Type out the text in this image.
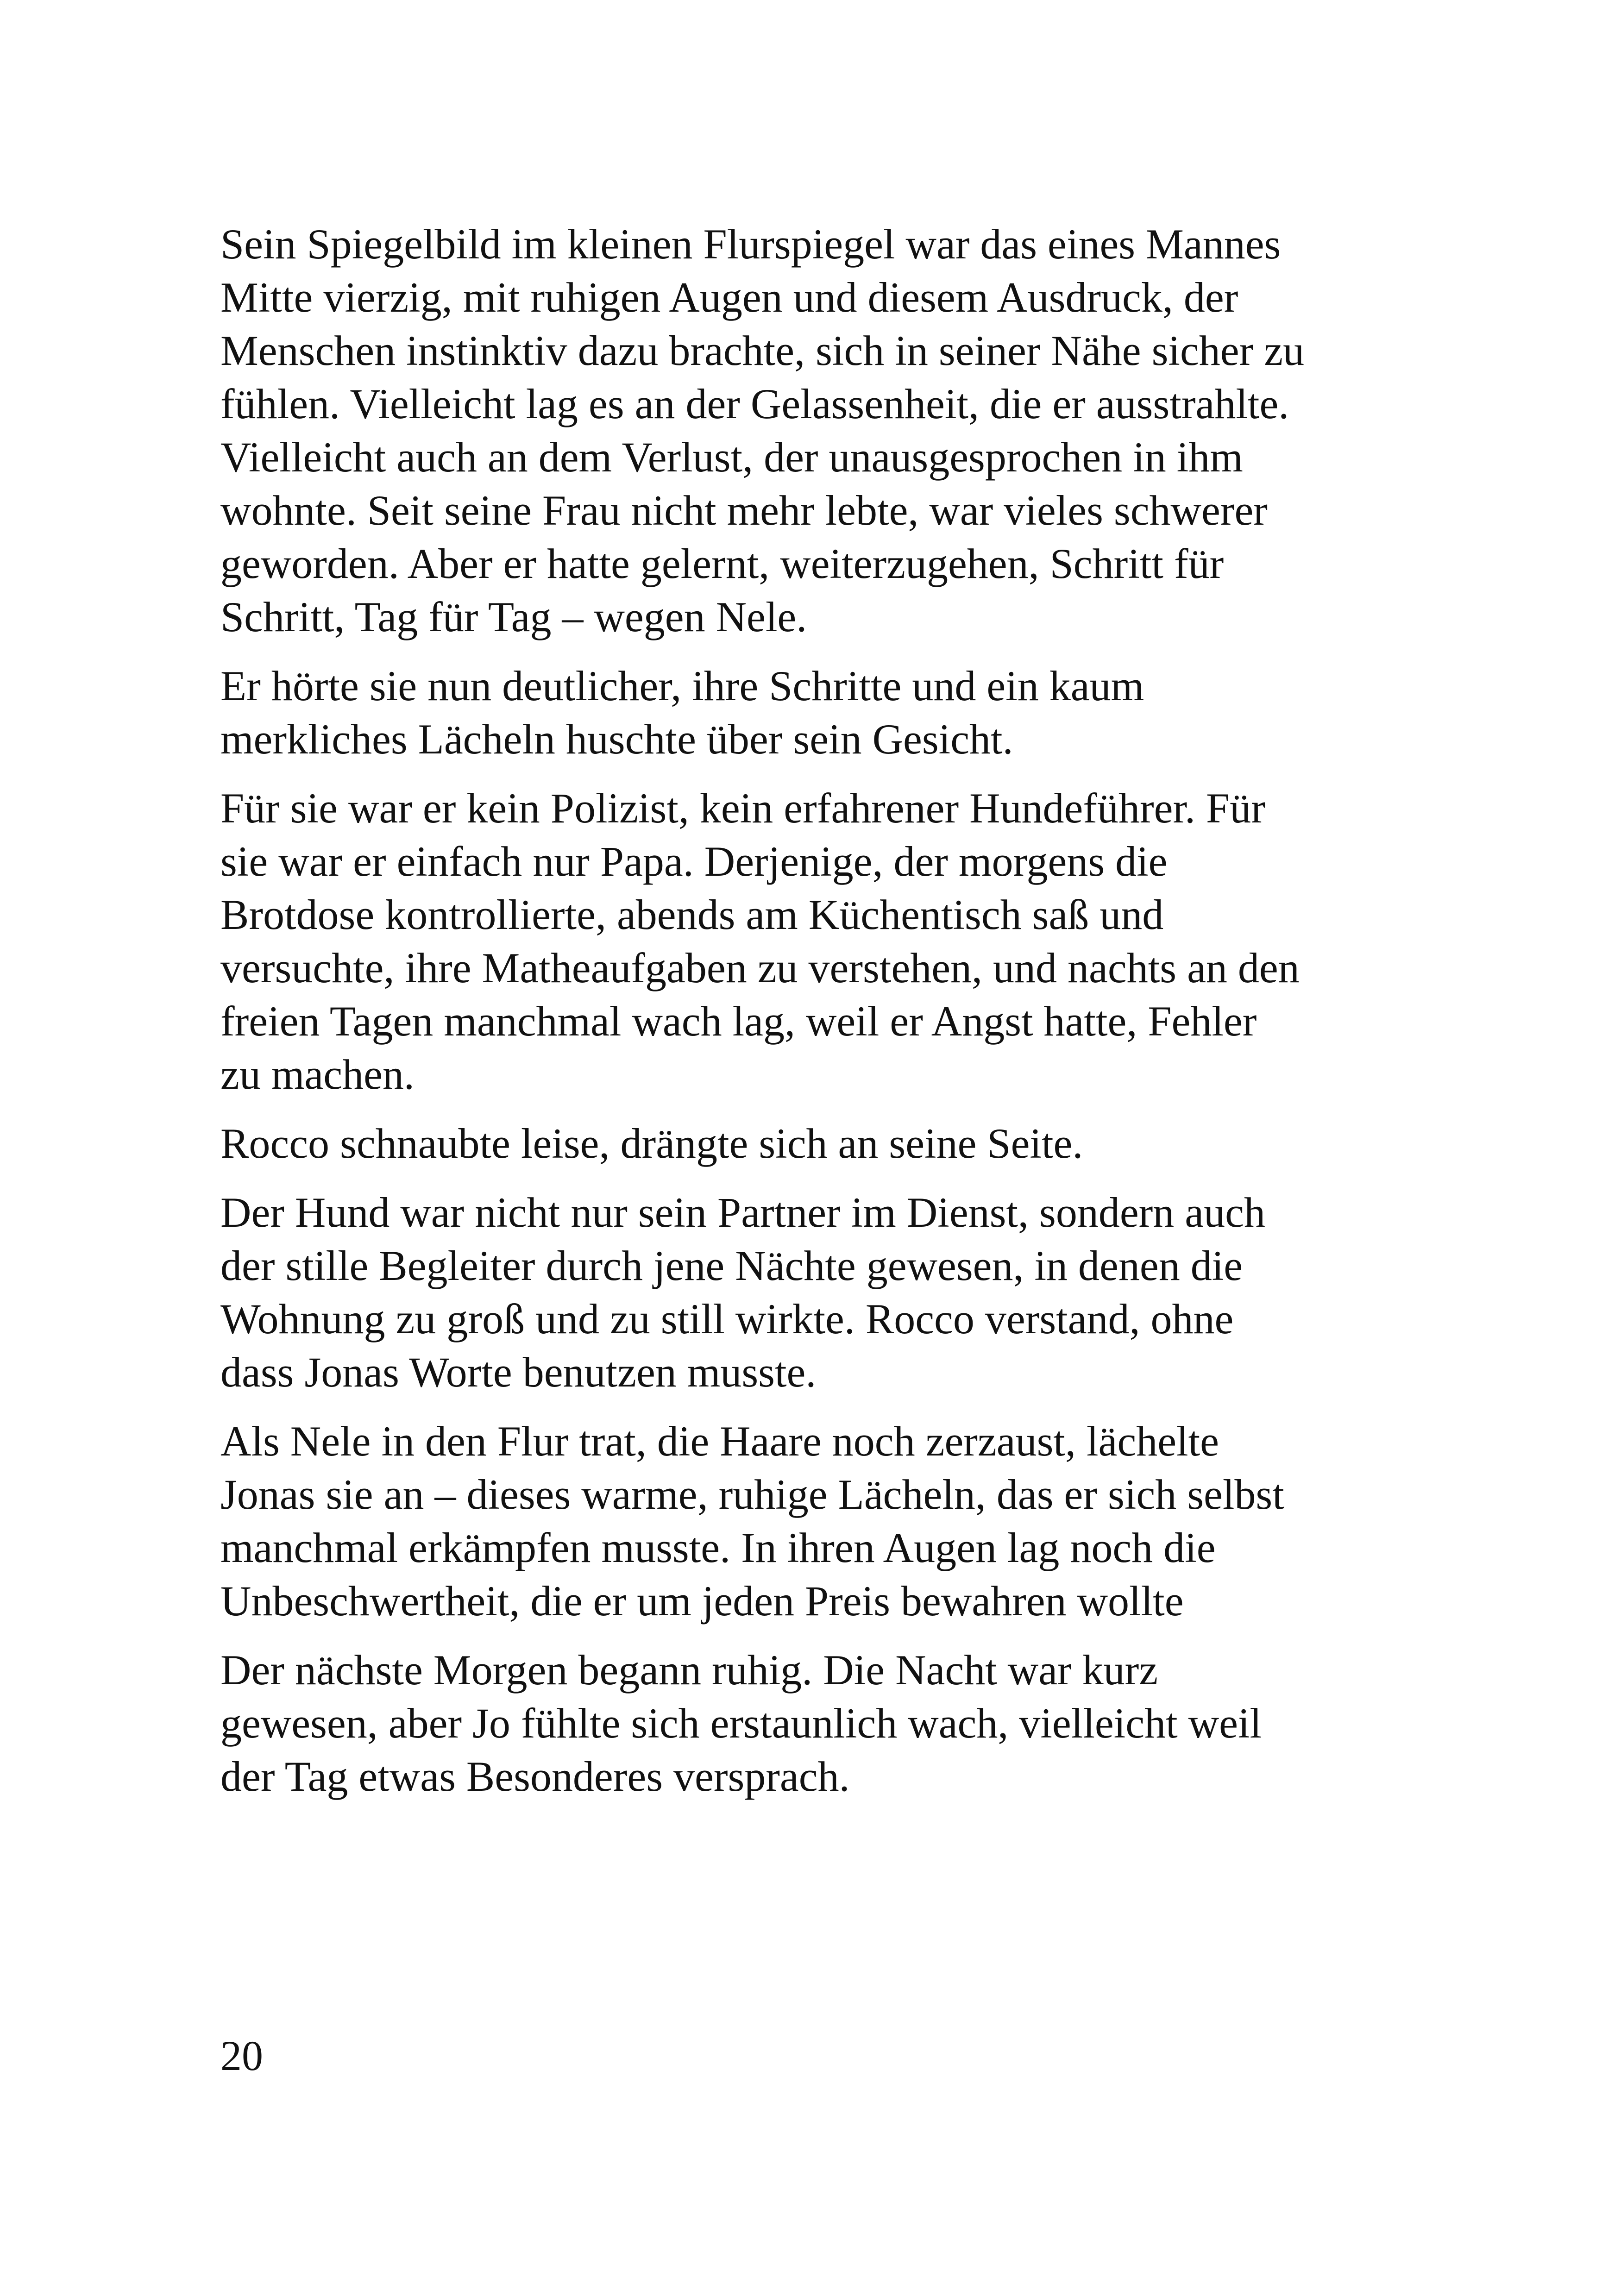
Sein Spiegelbild im kleinen Flurspiegel war das eines Mannes
Mitte vierzig, mit ruhigen Augen und diesem Ausdruck, der
Menschen instinktiv dazu brachte, sich in seiner Nähe sicher zu
fühlen. Vielleicht lag es an der Gelassenheit, die er ausstrahlte.
Vielleicht auch an dem Verlust, der unausgesprochen in ihm
wohnte. Seit seine Frau nicht mehr lebte, war vieles schwerer
geworden. Aber er hatte gelernt, weiterzugehen, Schritt für
Schritt, Tag für Tag – wegen Nele.

Er hörte sie nun deutlicher, ihre Schritte und ein kaum
merkliches Lächeln huschte über sein Gesicht.

Für sie war er kein Polizist, kein erfahrener Hundeführer. Für
sie war er einfach nur Papa. Derjenige, der morgens die
Brotdose kontrollierte, abends am Küchentisch saß und
versuchte, ihre Matheaufgaben zu verstehen, und nachts an den
freien Tagen manchmal wach lag, weil er Angst hatte, Fehler
zu machen.

Rocco schnaubte leise, drängte sich an seine Seite.

Der Hund war nicht nur sein Partner im Dienst, sondern auch
der stille Begleiter durch jene Nächte gewesen, in denen die
Wohnung zu groß und zu still wirkte. Rocco verstand, ohne
dass Jonas Worte benutzen musste.

Als Nele in den Flur trat, die Haare noch zerzaust, lächelte
Jonas sie an – dieses warme, ruhige Lächeln, das er sich selbst
manchmal erkämpfen musste. In ihren Augen lag noch die
Unbeschwertheit, die er um jeden Preis bewahren wollte

Der nächste Morgen begann ruhig. Die Nacht war kurz
gewesen, aber Jo fühlte sich erstaunlich wach, vielleicht weil
der Tag etwas Besonderes versprach.

20
